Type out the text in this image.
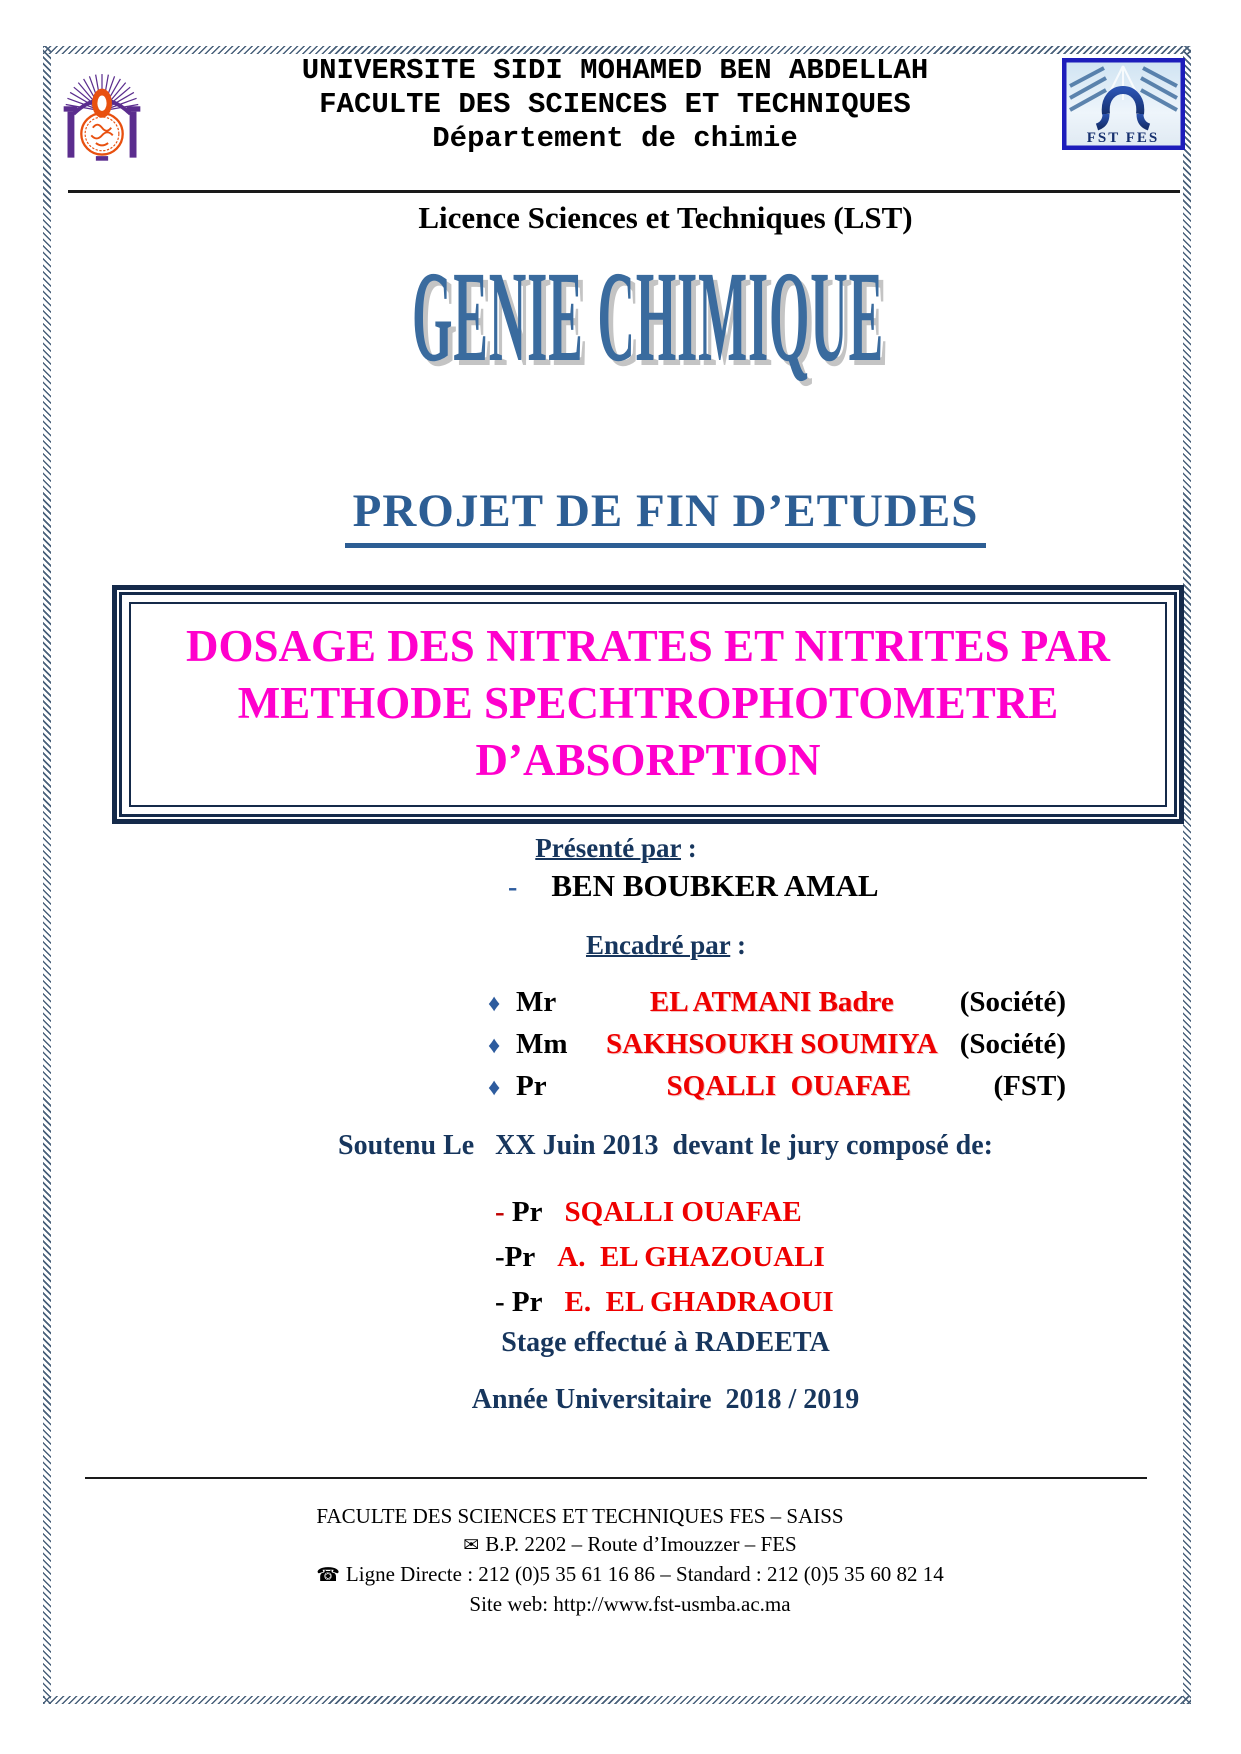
UNIVERSITE SIDI MOHAMED BEN ABDELLAH
FACULTE DES SCIENCES ET TECHNIQUES
Département de chimie	FST FES
Licence Sciences et Techniques (LST)
GENIE CHIMIQUE
PROJET DE FIN D’ETUDES
DOSAGE DES NITRATES ET NITRITES PAR
METHODE SPECHTROPHOTOMETRE
D’ABSORPTION
Présenté par :
- BEN BOUBKER AMAL
Encadré par :
♦ Mr	EL ATMANI Badre	(Société)
♦ Mm	SAKHSOUKH SOUMIYA (Société)
♦ Pr	SQALLI  OUAFAE	(FST)
Soutenu Le   XX Juin 2013  devant le jury composé de:
- Pr SQALLI OUAFAE
-Pr A.  EL GHAZOUALI
- Pr E.  EL GHADRAOUI
Stage effectué à RADEETA
Année Universitaire  2018 / 2019
FACULTE DES SCIENCES ET TECHNIQUES FES – SAISS
✉ B.P. 2202 – Route d’Imouzzer – FES
☎ Ligne Directe : 212 (0)5 35 61 16 86 – Standard : 212 (0)5 35 60 82 14
Site web: http://www.fst-usmba.ac.ma
